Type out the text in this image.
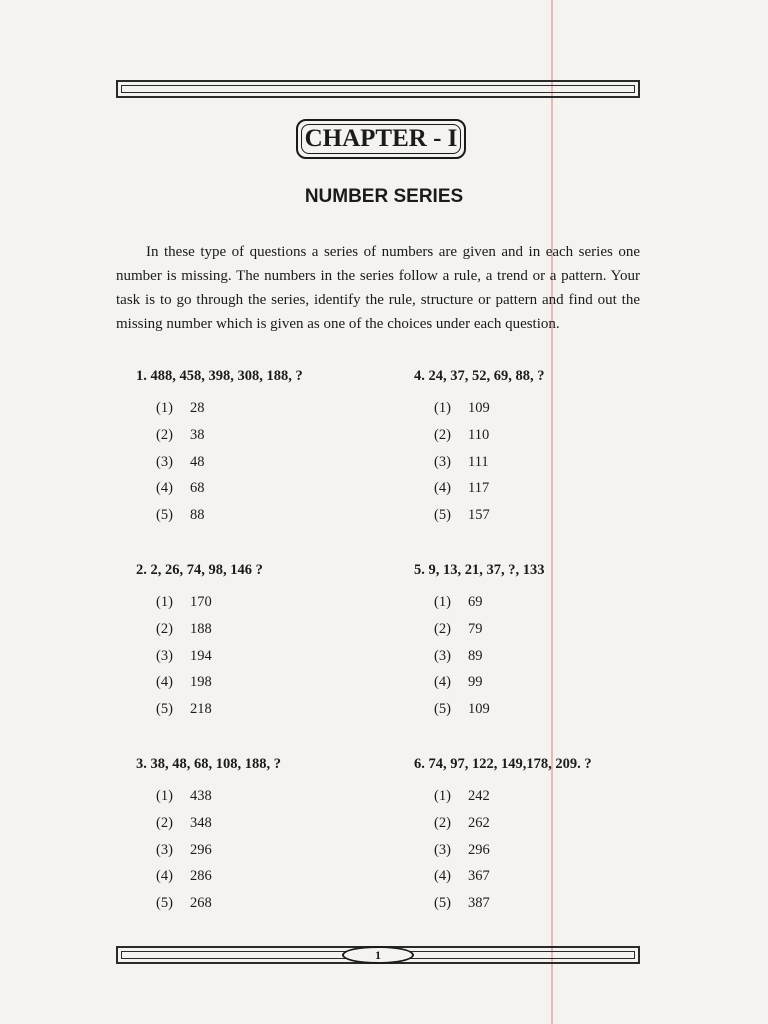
CHAPTER - I
NUMBER SERIES
In these type of questions a series of numbers are given and in each series one number is missing. The numbers in the series follow a rule, a trend or a pattern. Your task is to go through the series, identify the rule, structure or pattern and find out the missing number which is given as one of the choices under each question.
1. 488, 458, 398, 308, 188, ?
(1)	28
(2)	38
(3)	48
(4)	68
(5)	88
2. 2, 26, 74, 98, 146 ?
(1)	170
(2)	188
(3)	194
(4)	198
(5)	218
3. 38, 48, 68, 108, 188, ?
(1)	438
(2)	348
(3)	296
(4)	286
(5)	268
4. 24, 37, 52, 69, 88, ?
(1)	109
(2)	110
(3)	111
(4)	117
(5)	157
5. 9, 13, 21, 37, ?, 133
(1)	69
(2)	79
(3)	89
(4)	99
(5)	109
6. 74, 97, 122, 149,178, 209. ?
(1)	242
(2)	262
(3)	296
(4)	367
(5)	387
1
